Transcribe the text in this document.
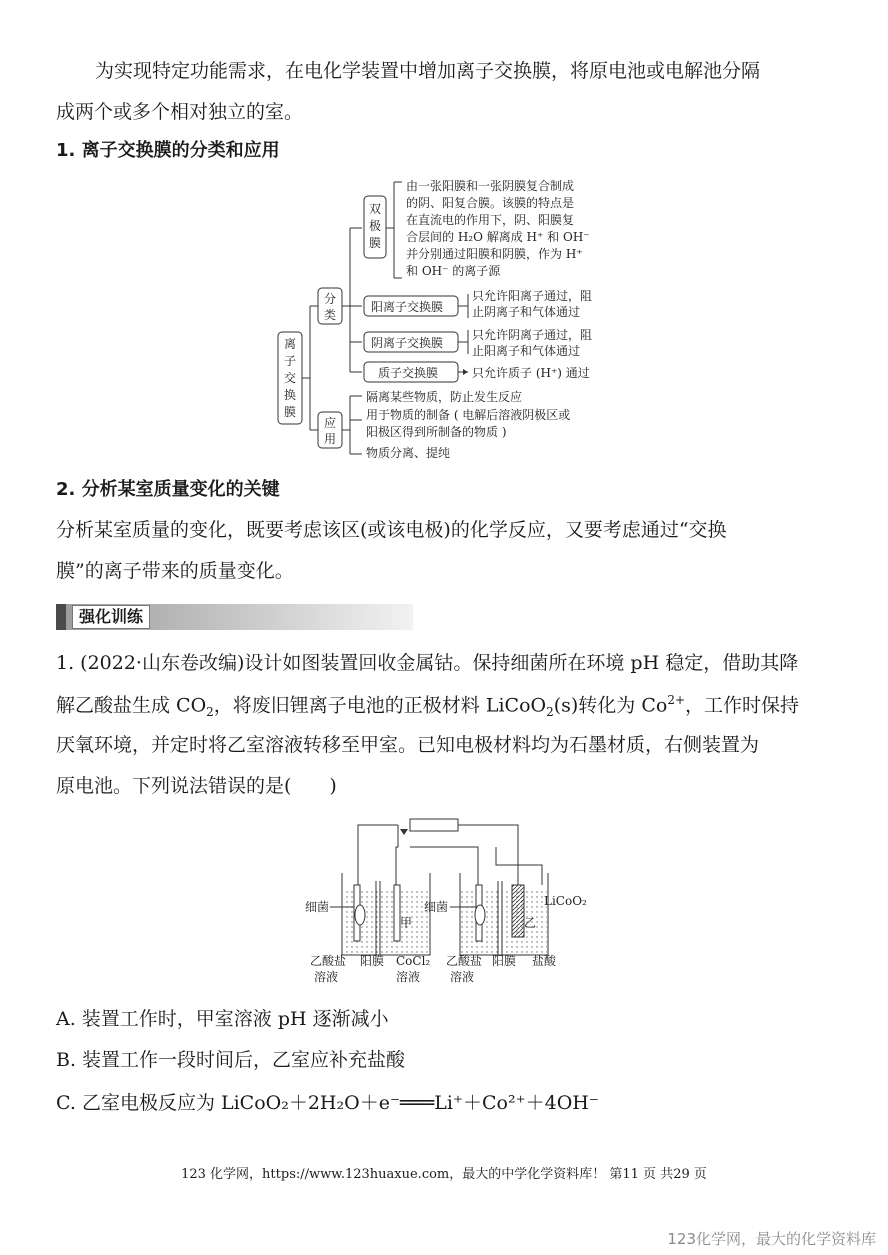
为实现特定功能需求，在电化学装置中增加离子交换膜，将原电池或电解池分隔
成两个或多个相对独立的室。
1. 离子交换膜的分类和应用
离
子
交
换
膜
分
类
双
极
膜
由一张阳膜和一张阴膜复合制成
的阴、阳复合膜。该膜的特点是
在直流电的作用下，阴、阳膜复
合层间的 H₂O 解离成 H⁺ 和 OH⁻
并分别通过阳膜和阴膜，作为 H⁺
和 OH⁻ 的离子源
阳离子交换膜
只允许阳离子通过，阻
止阴离子和气体通过
阴离子交换膜
只允许阴离子通过，阻
止阳离子和气体通过
质子交换膜	只允许质子 (H⁺) 通过
应
用
隔离某些物质，防止发生反应
用于物质的制备 ( 电解后溶液阴极区或
阳极区得到所制备的物质 )
物质分离、提纯
2. 分析某室质量变化的关键
分析某室质量的变化，既要考虑该区(或该电极)的化学反应，又要考虑通过“交换
膜”的离子带来的质量变化。
强化训练
1. (2022·山东卷改编)设计如图装置回收金属钴。保持细菌所在环境 pH 稳定，借助其降
解乙酸盐生成 $CO_2$，将废旧锂离子电池的正极材料 LiCoO$_2$(s)转化为 $Co^{2+}$，工作时保持
厌氧环境，并定时将乙室溶液转移至甲室。已知电极材料均为石墨材质，右侧装置为
原电池。下列说法错误的是(　　)
细菌
甲
细菌
乙
LiCoO₂
乙酸盐
溶液
阳膜 CoCl₂
溶液
乙酸盐
溶液
阳膜 盐酸
A. 装置工作时，甲室溶液 pH 逐渐减小
B. 装置工作一段时间后，乙室应补充盐酸
C. 乙室电极反应为 LiCoO₂＋2H₂O＋e⁻═══Li⁺＋Co²⁺＋4OH⁻
123 化学网，https://www.123huaxue.com，最大的中学化学资料库！ 第11 页 共29 页
123化学网，最大的化学资料库
